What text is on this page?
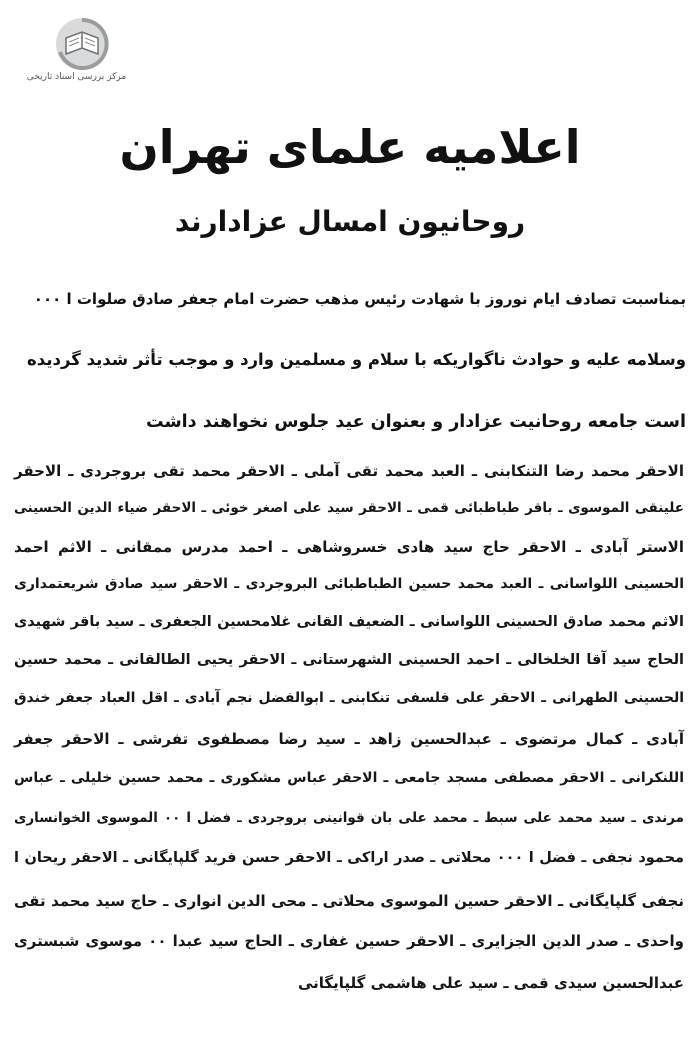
مرکز بررسی اسناد تاریخی
اعلامیه علمای تهران
روحانیون امسال عزادارند
بمناسبت تصادف ایام نوروز با شهادت رئیس مذهب حضرت امام جعفر صادق صلوات ا ۰۰۰
وسلامه علیه و حوادث ناگواریکه با سلام و مسلمین وارد و موجب تأثر شدید گردیده
است جامعه روحانیت عزادار و بعنوان عید جلوس نخواهند داشت
الاحقر محمد رضا التنکابنی ـ العبد محمد تقی آملی ـ الاحقر محمد تقی بروجردی ـ الاحقر
علینقی الموسوی ـ باقر طباطبائی قمی ـ الاحقر سید علی اصغر خوئی ـ الاحقر ضیاء الدین الحسینی
الاستر آبادی ـ الاحقر حاج سید هادی خسروشاهی ـ احمد مدرس ممقانی ـ الاثم احمد
الحسینی اللواسانی ـ العبد محمد حسین الطباطبائی البروجردی ـ الاحقر سید صادق شریعتمداری
الاثم محمد صادق الحسینی اللواسانی ـ الضعیف القانی غلامحسین الجعفری ـ سید باقر شهیدی
الحاج سید آقا الخلخالی ـ احمد الحسینی الشهرستانی ـ الاحقر یحیی الطالقانی ـ محمد حسین
الحسینی الطهرانی ـ الاحقر علی فلسفی تنکابنی ـ ابوالفضل نجم آبادی ـ اقل العباد جعفر خندق
آبادی ـ کمال مرتضوی ـ عبدالحسین زاهد ـ سید رضا مصطفوی تفرشی ـ الاحقر جعفر
اللنکرانی ـ الاحقر مصطفی مسجد جامعی ـ الاحقر عباس مشکوری ـ محمد حسین خلیلی ـ عباس
مرندی ـ سید محمد علی سبط ـ محمد علی بان قوانینی بروجردی ـ فضل ا ۰۰ الموسوی الخوانساری
محمود نجفی ـ فضل ا ۰۰۰ محلاتی ـ صدر اراکی ـ الاحقر حسن فرید گلپایگانی ـ الاحقر ریحان ا
نجفی گلپایگانی ـ الاحقر حسین الموسوی محلاتی ـ محی الدین انواری ـ حاج سید محمد تقی
واحدی ـ صدر الدین الجزایری ـ الاحقر حسین غفاری ـ الحاج سید عبدا ۰۰ موسوی شبستری
عبدالحسین سیدی قمی ـ سید علی هاشمی گلپایگانی
